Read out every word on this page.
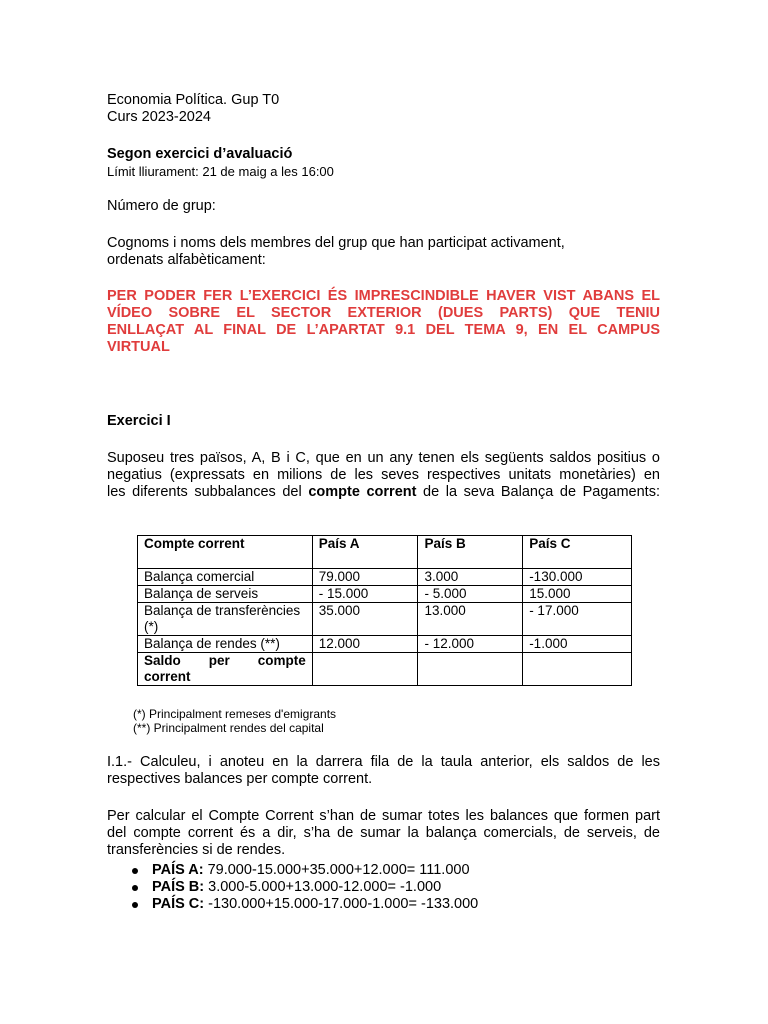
Economia Política. Gup T0
Curs 2023-2024
Segon exercici d’avaluació
Límit lliurament: 21 de maig a les 16:00
Número de grup:
Cognoms i noms dels membres del grup que han participat activament,
ordenats alfabèticament:
PER PODER FER L’EXERCICI ÉS IMPRESCINDIBLE HAVER VIST ABANS EL
VÍDEO SOBRE EL SECTOR EXTERIOR (DUES PARTS) QUE TENIU
ENLLAÇAT AL FINAL DE L’APARTAT 9.1 DEL TEMA 9, EN EL CAMPUS
VIRTUAL
Exercici I
Suposeu tres països, A, B i C, que en un any tenen els següents saldos positius o
negatius (expressats en milions de les seves respectives unitats monetàries) en
les diferents subbalances del compte corrent de la seva Balança de Pagaments:
Compte corrent	País A	País B	País C
Balança comercial	79.000	3.000	-130.000
Balança de serveis	- 15.000	- 5.000	15.000

Balança de transferències
(*)	35.000	13.000	- 17.000
Balança de rendes (**)	12.000	- 12.000	-1.000

Saldo per compte
corrent			

(*) Principalment remeses d'emigrants
(**) Principalment rendes del capital
I.1.- Calculeu, i anoteu en la darrera fila de la taula anterior, els saldos de les
respectives balances per compte corrent.
Per calcular el Compte Corrent s’han de sumar totes les balances que formen part
del compte corrent és a dir, s’ha de sumar la balança comercials, de serveis, de
transferències si de rendes.
PAÍS A: 79.000-15.000+35.000+12.000= 111.000
PAÍS B: 3.000-5.000+13.000-12.000= -1.000
PAÍS C: -130.000+15.000-17.000-1.000= -133.000
